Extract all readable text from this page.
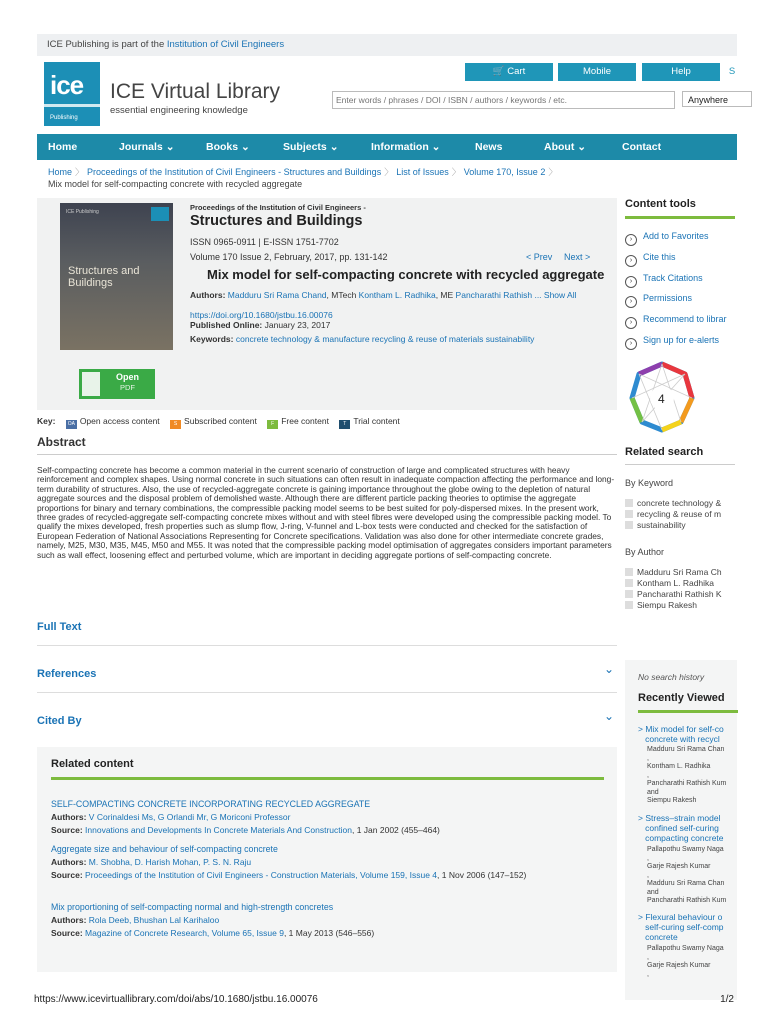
ICE Publishing is part of the Institution of Civil Engineers
ice
Publishing
ICE Virtual Library
essential engineering knowledge
🛒 Cart	Mobile	Help	S
Enter words / phrases / DOI / ISBN / authors / keywords / etc.
Anywhere
Home	Journals ⌄	Books ⌄	Subjects ⌄	Information ⌄	News	About ⌄	Contact
Home 〉 Proceedings of the Institution of Civil Engineers - Structures and Buildings 〉 List of Issues 〉 Volume 170, Issue 2 〉
Mix model for self-compacting concrete with recycled aggregate
ICE Publishing
Structures and
Buildings
Open
PDF
Proceedings of the Institution of Civil Engineers -
Structures and Buildings
ISSN 0965-0911 | E-ISSN 1751-7702
Volume 170 Issue 2, February, 2017, pp. 131-142	< Prev Next >
Mix model for self-compacting concrete with recycled aggregate
Authors: Madduru Sri Rama Chand, MTech Kontham L. Radhika, ME Pancharathi Rathish ... Show All
https://doi.org/10.1680/jstbu.16.00076
Published Online: January 23, 2017
Keywords: concrete technology & manufacture recycling & reuse of materials sustainability
Key: OA Open access content	S Subscribed content	F Free content	T Trial content
Abstract
Self-compacting concrete has become a common material in the current scenario of construction of large and complicated structures with heavy reinforcement and complex shapes. Using normal concrete in such situations can often result in inadequate compaction affecting the performance and long-term durability of structures. Also, the use of recycled-aggregate concrete is gaining importance throughout the globe owing to the depletion of natural aggregate sources and the disposal problem of demolished waste. Although there are different particle packing theories to optimise the aggregate proportions for binary and ternary combinations, the compressible packing model seems to be best suited for poly-dispersed mixes. In the present work, three grades of recycled-aggregate self-compacting concrete mixes without and with steel fibres were developed using the compressible packing model. To qualify the mixes developed, fresh properties such as slump flow, J-ring, V-funnel and L-box tests were conducted and checked for the satisfaction of European Federation of National Associations Representing for Concrete specifications. Validation was also done for other intermediate concrete grades, namely, M25, M30, M35, M45, M50 and M55. It was noted that the compressible packing model optimisation of aggregates considers important parameters such as wall effect, loosening effect and perturbed volume, which are important in deciding aggregate portions of self-compacting concrete.
Full Text
References	⌄
Cited By	⌄
Related content
SELF-COMPACTING CONCRETE INCORPORATING RECYCLED AGGREGATE
Authors: V Corinaldesi Ms, G Orlandi Mr, G Moriconi Professor
Source: Innovations and Developments In Concrete Materials And Construction, 1 Jan 2002 (455–464)
Aggregate size and behaviour of self-compacting concrete
Authors: M. Shobha, D. Harish Mohan, P. S. N. Raju
Source: Proceedings of the Institution of Civil Engineers - Construction Materials, Volume 159, Issue 4, 1 Nov 2006 (147–152)
Mix proportioning of self-compacting normal and high-strength concretes
Authors: Rola Deeb, Bhushan Lal Karihaloo
Source: Magazine of Concrete Research, Volume 65, Issue 9, 1 May 2013 (546–556)
Content tools
› Add to Favorites
› Cite this
› Track Citations
› Permissions
› Recommend to librar
› Sign up for e-alerts
4
Related search
By Keyword
concrete technology &
recycling & reuse of m
sustainability
By Author
Madduru Sri Rama Ch
Kontham L. Radhika
Pancharathi Rathish K
Siempu Rakesh
No search history
Recently Viewed
> Mix model for self-co
concrete with recycl
Madduru Sri Rama Chan
,
Kontham L. Radhika
,
Pancharathi Rathish Kum
and
Siempu Rakesh
> Stress–strain model
confined self-curing
compacting concrete
Pallapothu Swamy Naga
,
Garje Rajesh Kumar
,
Madduru Sri Rama Chan
and
Pancharathi Rathish Kum
> Flexural behaviour o
self-curing self-comp
concrete
Pallapothu Swamy Naga
,
Garje Rajesh Kumar
,
https://www.icevirtuallibrary.com/doi/abs/10.1680/jstbu.16.00076	1/2
